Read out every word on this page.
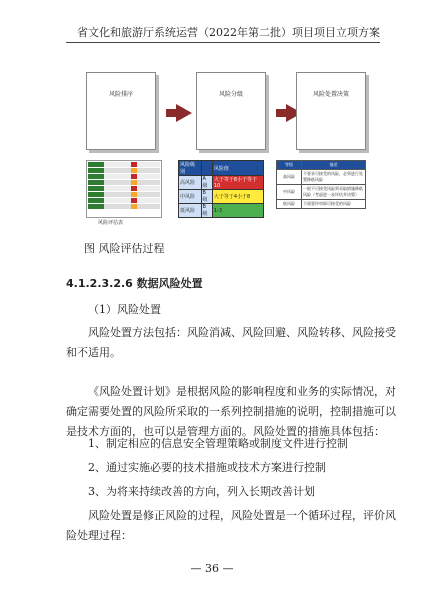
省文化和旅游厅系统运营（2022年第二批）项目项目立项方案
风险排序	风险分级	风险处置决策
风险评估表
风险级别		风险值
高风险	A级	大于等于8小于等于10
中风险	B级	大于等于4小于8
低风险	B级	1-3
等级	描述
高风险	不要求可接受的风险，必须进行处置降低风险
中风险	一般不可接受风险须采取措施降低风险（考虑进一步评估并决策）
低风险	不需要评审即可接受的风险
图 风险评估过程
4.1.2.3.2.6 数据风险处置
（1）风险处置
风险处置方法包括：风险消减、风险回避、风险转移、风险接受和不适用。
《风险处置计划》是根据风险的影响程度和业务的实际情况，对确定需要处置的风险所采取的一系列控制措施的说明，控制措施可以是技术方面的，也可以是管理方面的。风险处置的措施具体包括：
1、制定相应的信息安全管理策略或制度文件进行控制
2、通过实施必要的技术措施或技术方案进行控制
3、为将来持续改善的方向，列入长期改善计划
风险处置是修正风险的过程，风险处置是一个循环过程，评价风险处理过程：
— 36 —
